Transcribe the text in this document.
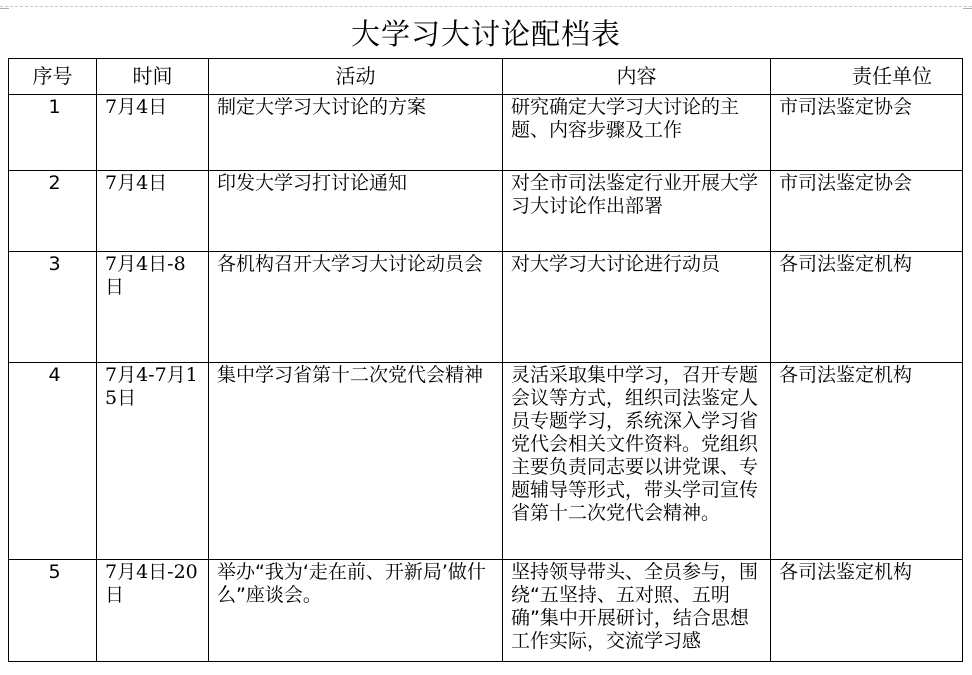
大学习大讨论配档表
序号	时间	活动	内容	责任单位

1	7月4日	制定大学习大讨论的方案	研究确定大学习大讨论的主题、内容步骤及工作	市司法鉴定协会

2	7月4日	印发大学习打讨论通知	对全市司法鉴定行业开展大学习大讨论作出部署	市司法鉴定协会

3	7月4日-8日	各机构召开大学习大讨论动员会	对大学习大讨论进行动员	各司法鉴定机构

4	7月4-7月15日	集中学习省第十二次党代会精神	灵活采取集中学习，召开专题会议等方式，组织司法鉴定人员专题学习，系统深入学习省党代会相关文件资料。党组织主要负责同志要以讲党课、专题辅导等形式，带头学司宣传省第十二次党代会精神。	各司法鉴定机构

5	7月4日-20日	举办“我为‘走在前、开新局’做什么”座谈会。	坚持领导带头、全员参与，围绕“五坚持、五对照、五明确”集中开展研讨，结合思想工作实际，交流学习感	各司法鉴定机构
